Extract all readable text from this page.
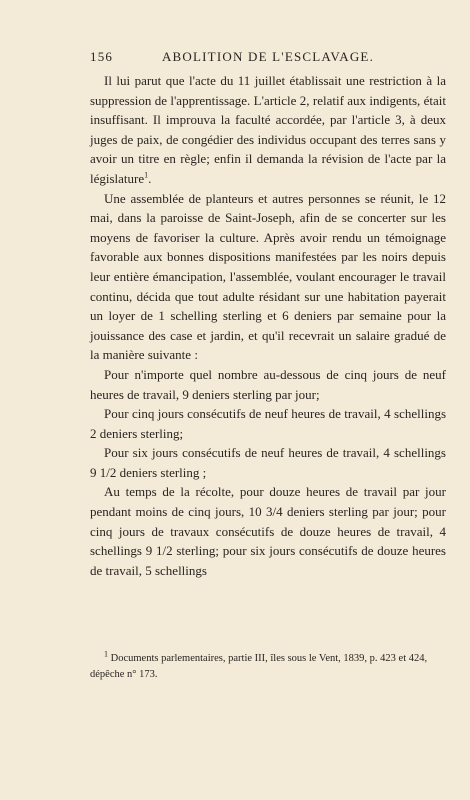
156	ABOLITION DE L'ESCLAVAGE.

Il lui parut que l'acte du 11 juillet établissait une restriction à la suppression de l'apprentissage. L'article 2, relatif aux indigents, était insuffisant. Il improuva la faculté accordée, par l'article 3, à deux juges de paix, de congédier des individus occupant des terres sans y avoir un titre en règle; enfin il demanda la révision de l'acte par la législature$^1$.

Une assemblée de planteurs et autres personnes se réunit, le 12 mai, dans la paroisse de Saint-Joseph, afin de se concerter sur les moyens de favoriser la culture. Après avoir rendu un témoignage favorable aux bonnes dispositions manifestées par les noirs depuis leur entière émancipation, l'assemblée, voulant encourager le travail continu, décida que tout adulte résidant sur une habitation payerait un loyer de 1 schelling sterling et 6 deniers par semaine pour la jouissance des case et jardin, et qu'il recevrait un salaire gradué de la manière suivante :

Pour n'importe quel nombre au-dessous de cinq jours de neuf heures de travail, 9 deniers sterling par jour;

Pour cinq jours consécutifs de neuf heures de travail, 4 schellings 2 deniers sterling;

Pour six jours consécutifs de neuf heures de travail, 4 schellings 9 1/2 deniers sterling ;

Au temps de la récolte, pour douze heures de travail par jour pendant moins de cinq jours, 10 3/4 deniers sterling par jour; pour cinq jours de travaux consécutifs de douze heures de travail, 4 schellings 9 1/2 sterling; pour six jours consécutifs de douze heures de travail, 5 schellings

$^1$ Documents parlementaires, partie III, îles sous le Vent, 1839, p. 423 et 424, dépêche n° 173.
